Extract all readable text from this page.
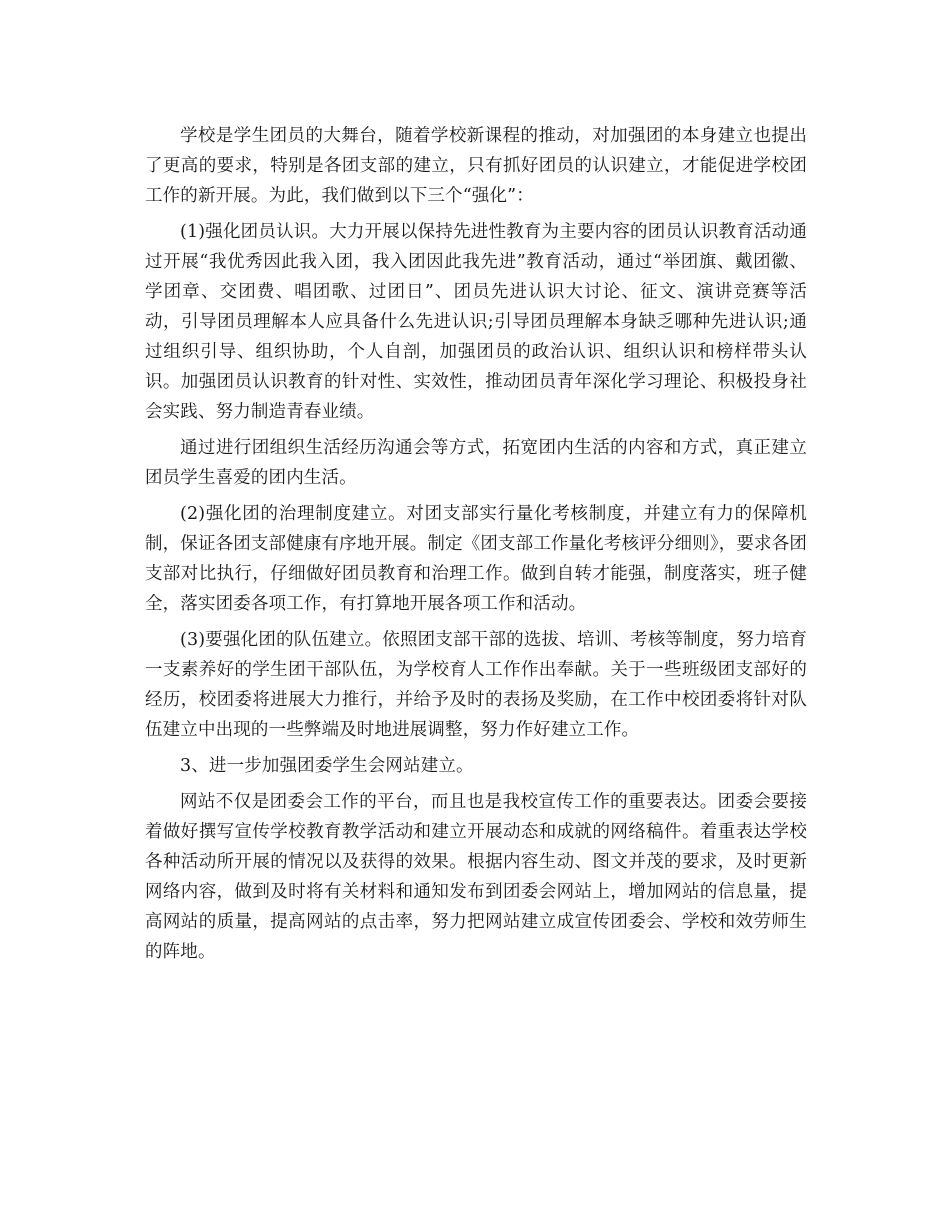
学校是学生团员的大舞台，随着学校新课程的推动，对加强团的本身建立也提出了更高的要求，特别是各团支部的建立，只有抓好团员的认识建立，才能促进学校团工作的新开展。为此，我们做到以下三个“强化”：

(1)强化团员认识。大力开展以保持先进性教育为主要内容的团员认识教育活动通过开展“我优秀因此我入团，我入团因此我先进”教育活动，通过“举团旗、戴团徽、学团章、交团费、唱团歌、过团日”、团员先进认识大讨论、征文、演讲竞赛等活动，引导团员理解本人应具备什么先进认识;引导团员理解本身缺乏哪种先进认识;通过组织引导、组织协助，个人自剖，加强团员的政治认识、组织认识和榜样带头认识。加强团员认识教育的针对性、实效性，推动团员青年深化学习理论、积极投身社会实践、努力制造青春业绩。

通过进行团组织生活经历沟通会等方式，拓宽团内生活的内容和方式，真正建立团员学生喜爱的团内生活。

(2)强化团的治理制度建立。对团支部实行量化考核制度，并建立有力的保障机制，保证各团支部健康有序地开展。制定《团支部工作量化考核评分细则》，要求各团支部对比执行，仔细做好团员教育和治理工作。做到自转才能强，制度落实，班子健全，落实团委各项工作，有打算地开展各项工作和活动。

(3)要强化团的队伍建立。依照团支部干部的选拔、培训、考核等制度，努力培育一支素养好的学生团干部队伍，为学校育人工作作出奉献。关于一些班级团支部好的经历，校团委将进展大力推行，并给予及时的表扬及奖励，在工作中校团委将针对队伍建立中出现的一些弊端及时地进展调整，努力作好建立工作。

3、进一步加强团委学生会网站建立。

网站不仅是团委会工作的平台，而且也是我校宣传工作的重要表达。团委会要接着做好撰写宣传学校教育教学活动和建立开展动态和成就的网络稿件。着重表达学校各种活动所开展的情况以及获得的效果。根据内容生动、图文并茂的要求，及时更新网络内容，做到及时将有关材料和通知发布到团委会网站上，增加网站的信息量，提高网站的质量，提高网站的点击率，努力把网站建立成宣传团委会、学校和效劳师生的阵地。
